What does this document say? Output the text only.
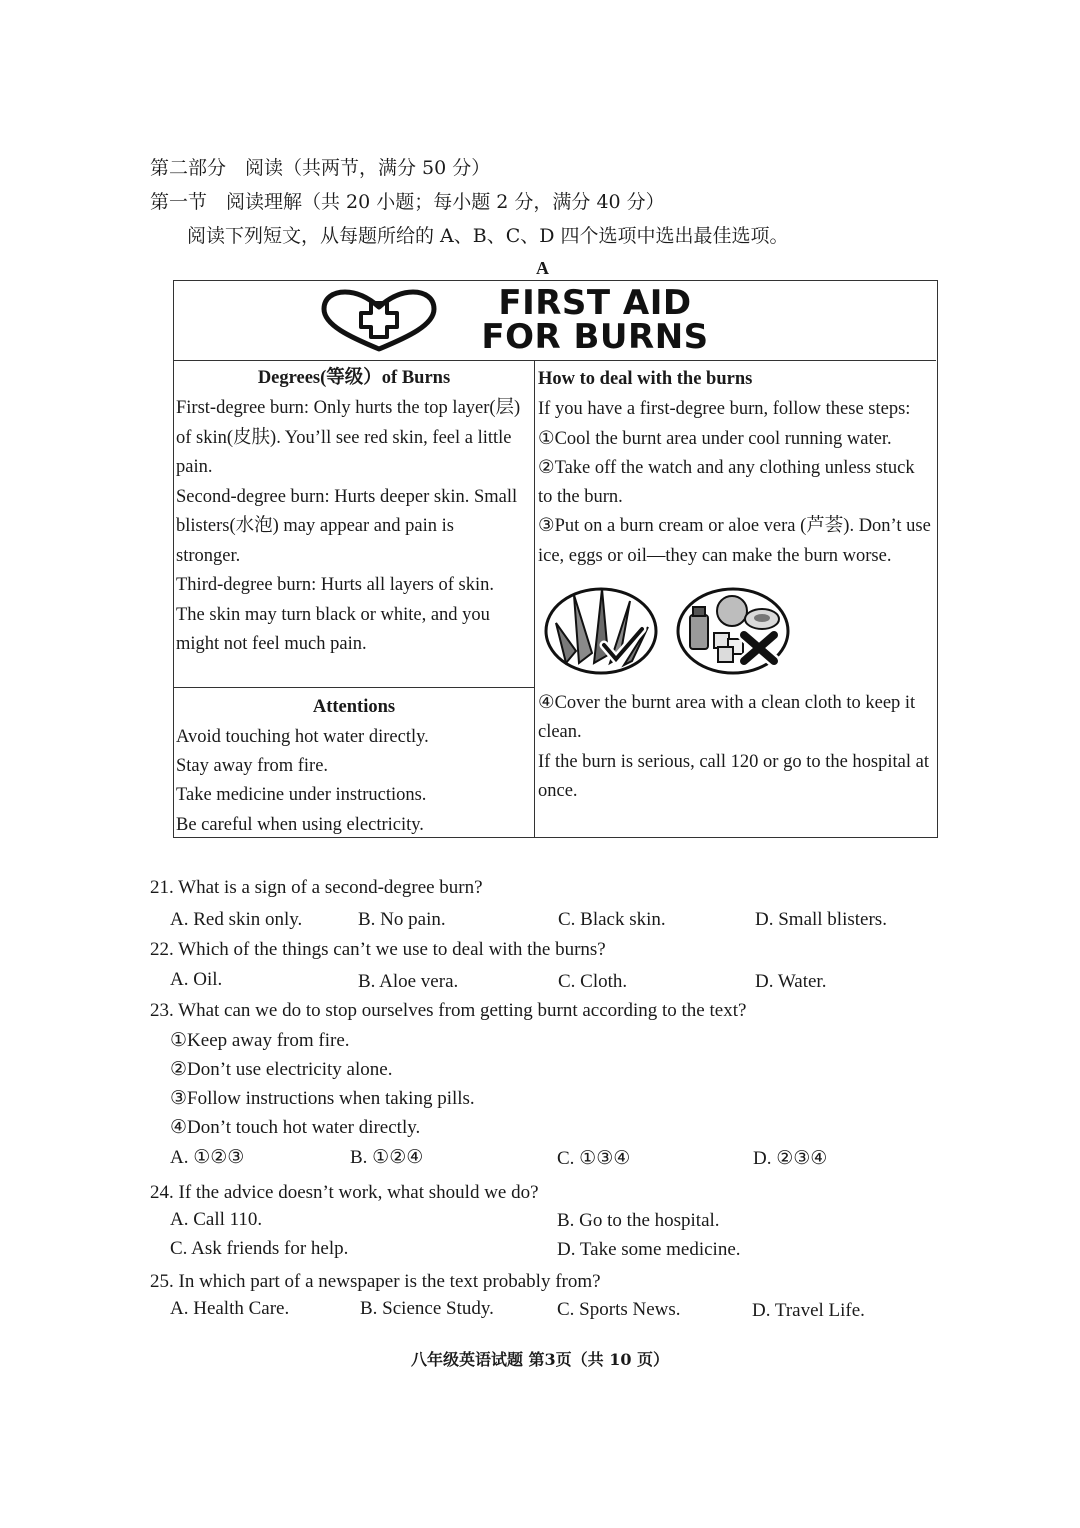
第二部分　阅读（共两节，满分 50 分）
第一节　阅读理解（共 20 小题；每小题 2 分，满分 40 分）
阅读下列短文，从每题所给的 A、B、C、D 四个选项中选出最佳选项。
A
FIRST AID
FOR BURNS
Degrees(等级）of Burns
First-degree burn: Only hurts the top layer(层)
of skin(皮肤). You’ll see red skin, feel a little
pain.
Second-degree burn: Hurts deeper skin. Small
blisters(水泡) may appear and pain is
stronger.
Third-degree burn: Hurts all layers of skin.
The skin may turn black or white, and you
might not feel much pain.
Attentions
Avoid touching hot water directly.
Stay away from fire.
Take medicine under instructions.
Be careful when using electricity.
How to deal with the burns
If you have a first-degree burn, follow these steps:
①Cool the burnt area under cool running water.
②Take off the watch and any clothing unless stuck
to the burn.
③Put on a burn cream or aloe vera (芦荟). Don’t use
ice, eggs or oil—they can make the burn worse.
④Cover the burnt area with a clean cloth to keep it
clean.
If the burn is serious, call 120 or go to the hospital at
once.
21. What is a sign of a second-degree burn?
A. Red skin only.	B. No pain.	C. Black skin.	D. Small blisters.
22. Which of the things can’t we use to deal with the burns?
A. Oil.	B. Aloe vera.	C. Cloth.	D. Water.
23. What can we do to stop ourselves from getting burnt according to the text?
①Keep away from fire.
②Don’t use electricity alone.
③Follow instructions when taking pills.
④Don’t touch hot water directly.
A. ①②③	B. ①②④	C. ①③④	D. ②③④
24. If the advice doesn’t work, what should we do?
A. Call 110.	B. Go to the hospital.
C. Ask friends for help.	D. Take some medicine.
25. In which part of a newspaper is the text probably from?
A. Health Care.	B. Science Study.	C. Sports News.	D. Travel Life.
八年级英语试题 第3页（共 10 页）
